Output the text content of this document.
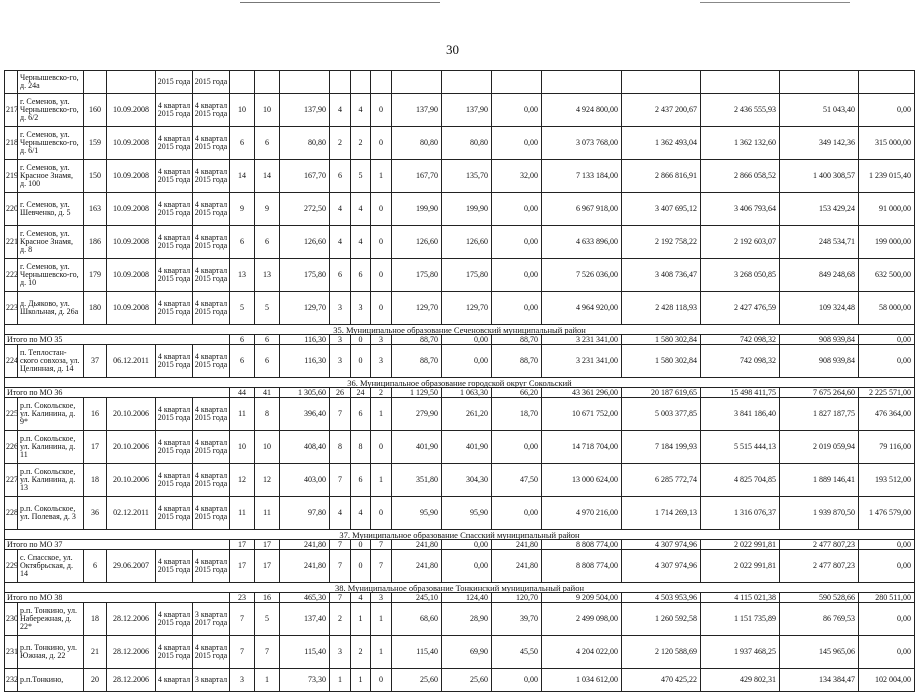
30
	Чернышевско-го, д. 24а			2015 года	2015 года														
217	г. Семенов, ул. Чернышевско-го, д. 6/2	160	10.09.2008	4 квартал 2015 года	4 квартал 2015 года	10	10	137,90	4	4	0	137,90	137,90	0,00	4 924 800,00	2 437 200,67	2 436 555,93	51 043,40	0,00
218	г. Семенов, ул. Чернышевско-го, д. 6/1	159	10.09.2008	4 квартал 2015 года	4 квартал 2015 года	6	6	80,80	2	2	0	80,80	80,80	0,00	3 073 768,00	1 362 493,04	1 362 132,60	349 142,36	315 000,00
219	г. Семенов, ул. Красное Знамя, д. 100	150	10.09.2008	4 квартал 2015 года	4 квартал 2015 года	14	14	167,70	6	5	1	167,70	135,70	32,00	7 133 184,00	2 866 816,91	2 866 058,52	1 400 308,57	1 239 015,40
220	г. Семенов, ул. Шевченко, д. 5	163	10.09.2008	4 квартал 2015 года	4 квартал 2015 года	9	9	272,50	4	4	0	199,90	199,90	0,00	6 967 918,00	3 407 695,12	3 406 793,64	153 429,24	91 000,00
221	г. Семенов, ул. Красное Знамя, д. 8	186	10.09.2008	4 квартал 2015 года	4 квартал 2015 года	6	6	126,60	4	4	0	126,60	126,60	0,00	4 633 896,00	2 192 758,22	2 192 603,07	248 534,71	199 000,00
222	г. Семенов, ул. Чернышевско-го, д. 10	179	10.09.2008	4 квартал 2015 года	4 квартал 2015 года	13	13	175,80	6	6	0	175,80	175,80	0,00	7 526 036,00	3 408 736,47	3 268 050,85	849 248,68	632 500,00
223	д. Дьяково, ул. Школьная, д. 26а	180	10.09.2008	4 квартал 2015 года	4 квартал 2015 года	5	5	129,70	3	3	0	129,70	129,70	0,00	4 964 920,00	2 428 118,93	2 427 476,59	109 324,48	58 000,00
35. Муниципальное образование Сеченовский муниципальный район																			
Итого по МО 35						6	6	116,30	3	0	3	88,70	0,00	88,70	3 231 341,00	1 580 302,84	742 098,32	908 939,84	0,00
224	п. Теплостан-ского совхоза, ул. Целинная, д. 14	37	06.12.2011	4 квартал 2015 года	4 квартал 2015 года	6	6	116,30	3	0	3	88,70	0,00	88,70	3 231 341,00	1 580 302,84	742 098,32	908 939,84	0,00
36. Муниципальное образование городской округ Сокольский																			
Итого по МО 36						44	41	1 305,60	26	24	2	1 129,50	1 063,30	66,20	43 361 296,00	20 187 619,65	15 498 411,75	7 675 264,60	2 225 571,00
225	р.п. Сокольское, ул. Калинина, д. 9*	16	20.10.2006	4 квартал 2015 года	4 квартал 2015 года	11	8	396,40	7	6	1	279,90	261,20	18,70	10 671 752,00	5 003 377,85	3 841 186,40	1 827 187,75	476 364,00
226	р.п. Сокольское, ул. Калинина, д. 11	17	20.10.2006	4 квартал 2015 года	4 квартал 2015 года	10	10	408,40	8	8	0	401,90	401,90	0,00	14 718 704,00	7 184 199,93	5 515 444,13	2 019 059,94	79 116,00
227	р.п. Сокольское, ул. Калинина, д. 13	18	20.10.2006	4 квартал 2015 года	4 квартал 2015 года	12	12	403,00	7	6	1	351,80	304,30	47,50	13 000 624,00	6 285 772,74	4 825 704,85	1 889 146,41	193 512,00
228	р.п. Сокольское, ул. Полевая, д. 3	36	02.12.2011	4 квартал 2015 года	4 квартал 2015 года	11	11	97,80	4	4	0	95,90	95,90	0,00	4 970 216,00	1 714 269,13	1 316 076,37	1 939 870,50	1 476 579,00
37. Муниципальное образование Спасский муниципальный район																			
Итого по МО 37						17	17	241,80	7	0	7	241,80	0,00	241,80	8 808 774,00	4 307 974,96	2 022 991,81	2 477 807,23	0,00
229	с. Спасское, ул. Октябрьская, д. 14	6	29.06.2007	4 квартал 2015 года	4 квартал 2015 года	17	17	241,80	7	0	7	241,80	0,00	241,80	8 808 774,00	4 307 974,96	2 022 991,81	2 477 807,23	0,00
38. Муниципальное образование Тонкинский муниципальный район																			
Итого по МО 38						23	16	465,30	7	4	3	245,10	124,40	120,70	9 209 504,00	4 503 953,96	4 115 021,38	590 528,66	280 511,00
230	р.п. Тонкино, ул. Набережная, д. 22*	18	28.12.2006	4 квартал 2015 года	3 квартал 2017 года	7	5	137,40	2	1	1	68,60	28,90	39,70	2 499 098,00	1 260 592,58	1 151 735,89	86 769,53	0,00
231	р.п. Тонкино, ул. Южная, д. 22	21	28.12.2006	4 квартал 2015 года	4 квартал 2015 года	7	7	115,40	3	2	1	115,40	69,90	45,50	4 204 022,00	2 120 588,69	1 937 468,25	145 965,06	0,00
232	р.п.Тонкино,	20	28.12.2006	4 квартал	3 квартал	3	1	73,30	1	1	0	25,60	25,60	0,00	1 034 612,00	470 425,22	429 802,31	134 384,47	102 004,00
